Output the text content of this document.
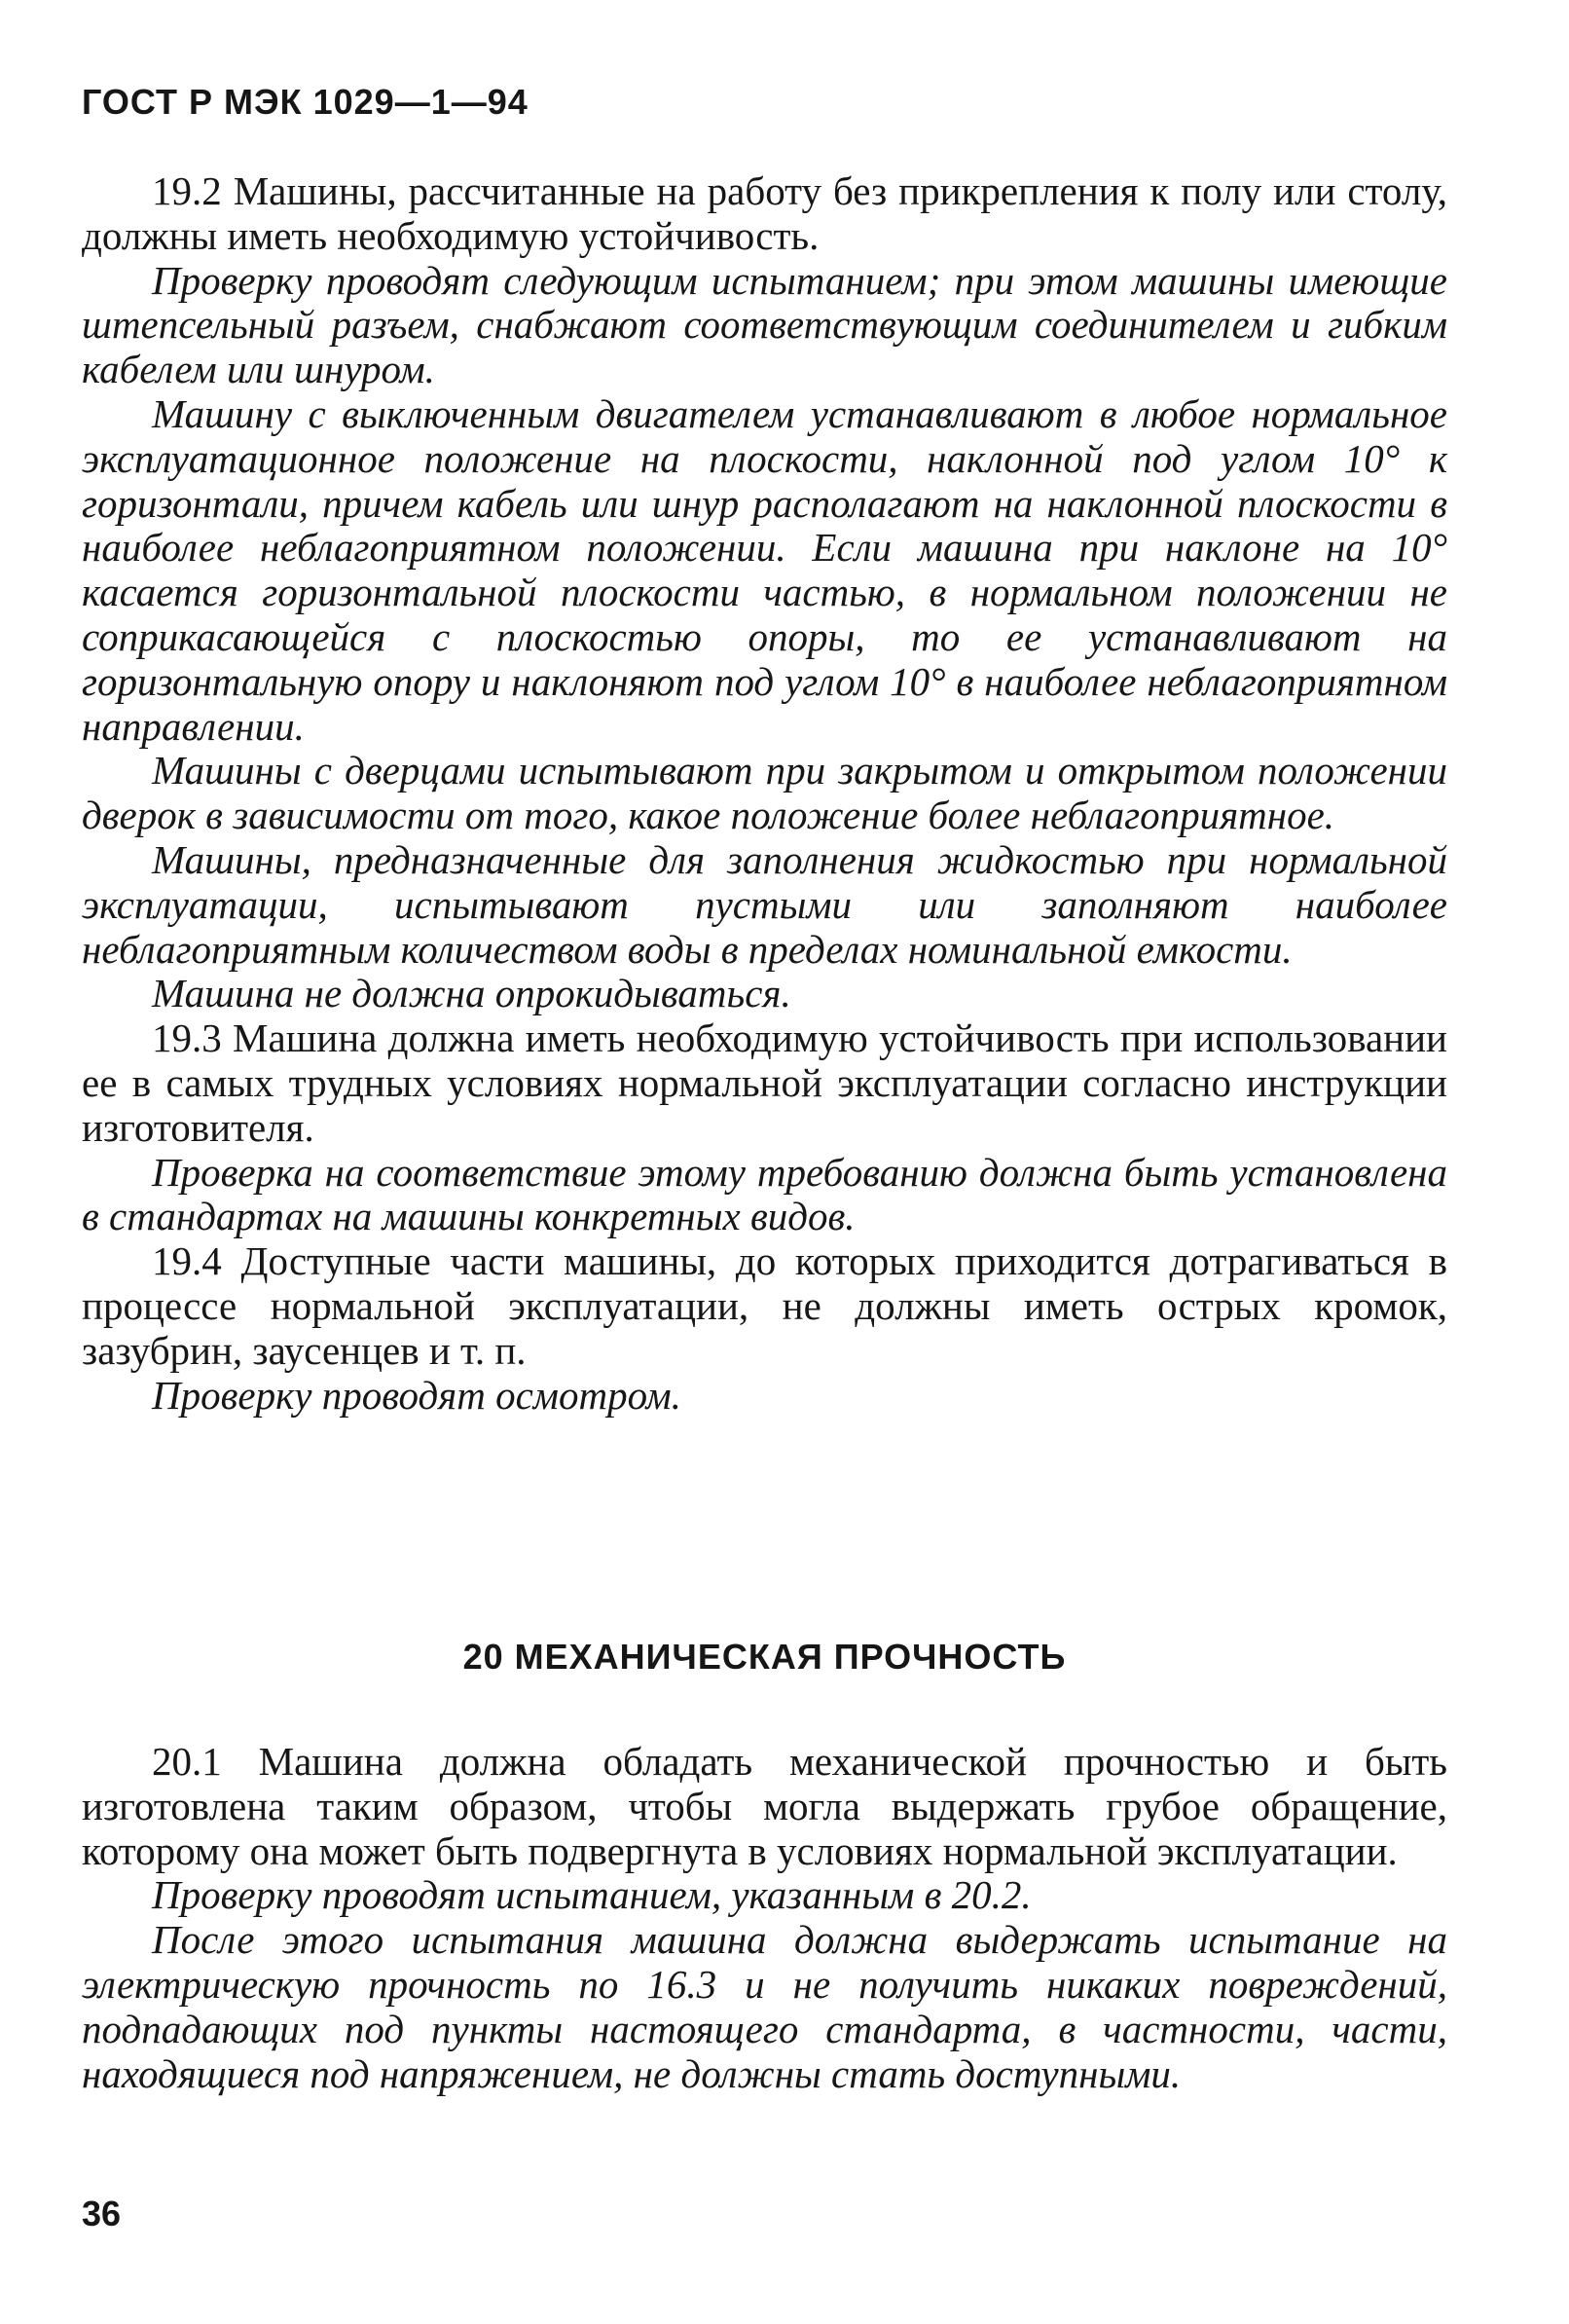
ГОСТ Р МЭК 1029—1—94

19.2 Машины, рассчитанные на работу без прикрепления к полу или столу, должны иметь необходимую устойчивость.

Проверку проводят следующим испытанием; при этом машины имеющие штепсельный разъем, снабжают соответствующим соединителем и гибким кабелем или шнуром.

Машину с выключенным двигателем устанавливают в любое нормальное эксплуатационное положение на плоскости, наклонной под углом 10° к горизонтали, причем кабель или шнур располагают на наклонной плоскости в наиболее неблагоприятном положении. Если машина при наклоне на 10° касается горизонтальной плоскости частью, в нормальном положении не соприкасающейся с плоскостью опоры, то ее устанавливают на горизонтальную опору и наклоняют под углом 10° в наиболее неблагоприятном направлении.

Машины с дверцами испытывают при закрытом и открытом положении дверок в зависимости от того, какое положение более неблагоприятное.

Машины, предназначенные для заполнения жидкостью при нормальной эксплуатации, испытывают пустыми или заполняют наиболее неблагоприятным количеством воды в пределах номинальной емкости.

Машина не должна опрокидываться.

19.3 Машина должна иметь необходимую устойчивость при использовании ее в самых трудных условиях нормальной эксплуатации согласно инструкции изготовителя.

Проверка на соответствие этому требованию должна быть установлена в стандартах на машины конкретных видов.

19.4 Доступные части машины, до которых приходится дотрагиваться в процессе нормальной эксплуатации, не должны иметь острых кромок, зазубрин, заусенцев и т. п.

Проверку проводят осмотром.

20 МЕХАНИЧЕСКАЯ ПРОЧНОСТЬ

20.1 Машина должна обладать механической прочностью и быть изготовлена таким образом, чтобы могла выдержать грубое обращение, которому она может быть подвергнута в условиях нормальной эксплуатации.

Проверку проводят испытанием, указанным в 20.2.

После этого испытания машина должна выдержать испытание на электрическую прочность по 16.3 и не получить никаких повреждений, подпадающих под пункты настоящего стандарта, в частности, части, находящиеся под напряжением, не должны стать доступными.

36
